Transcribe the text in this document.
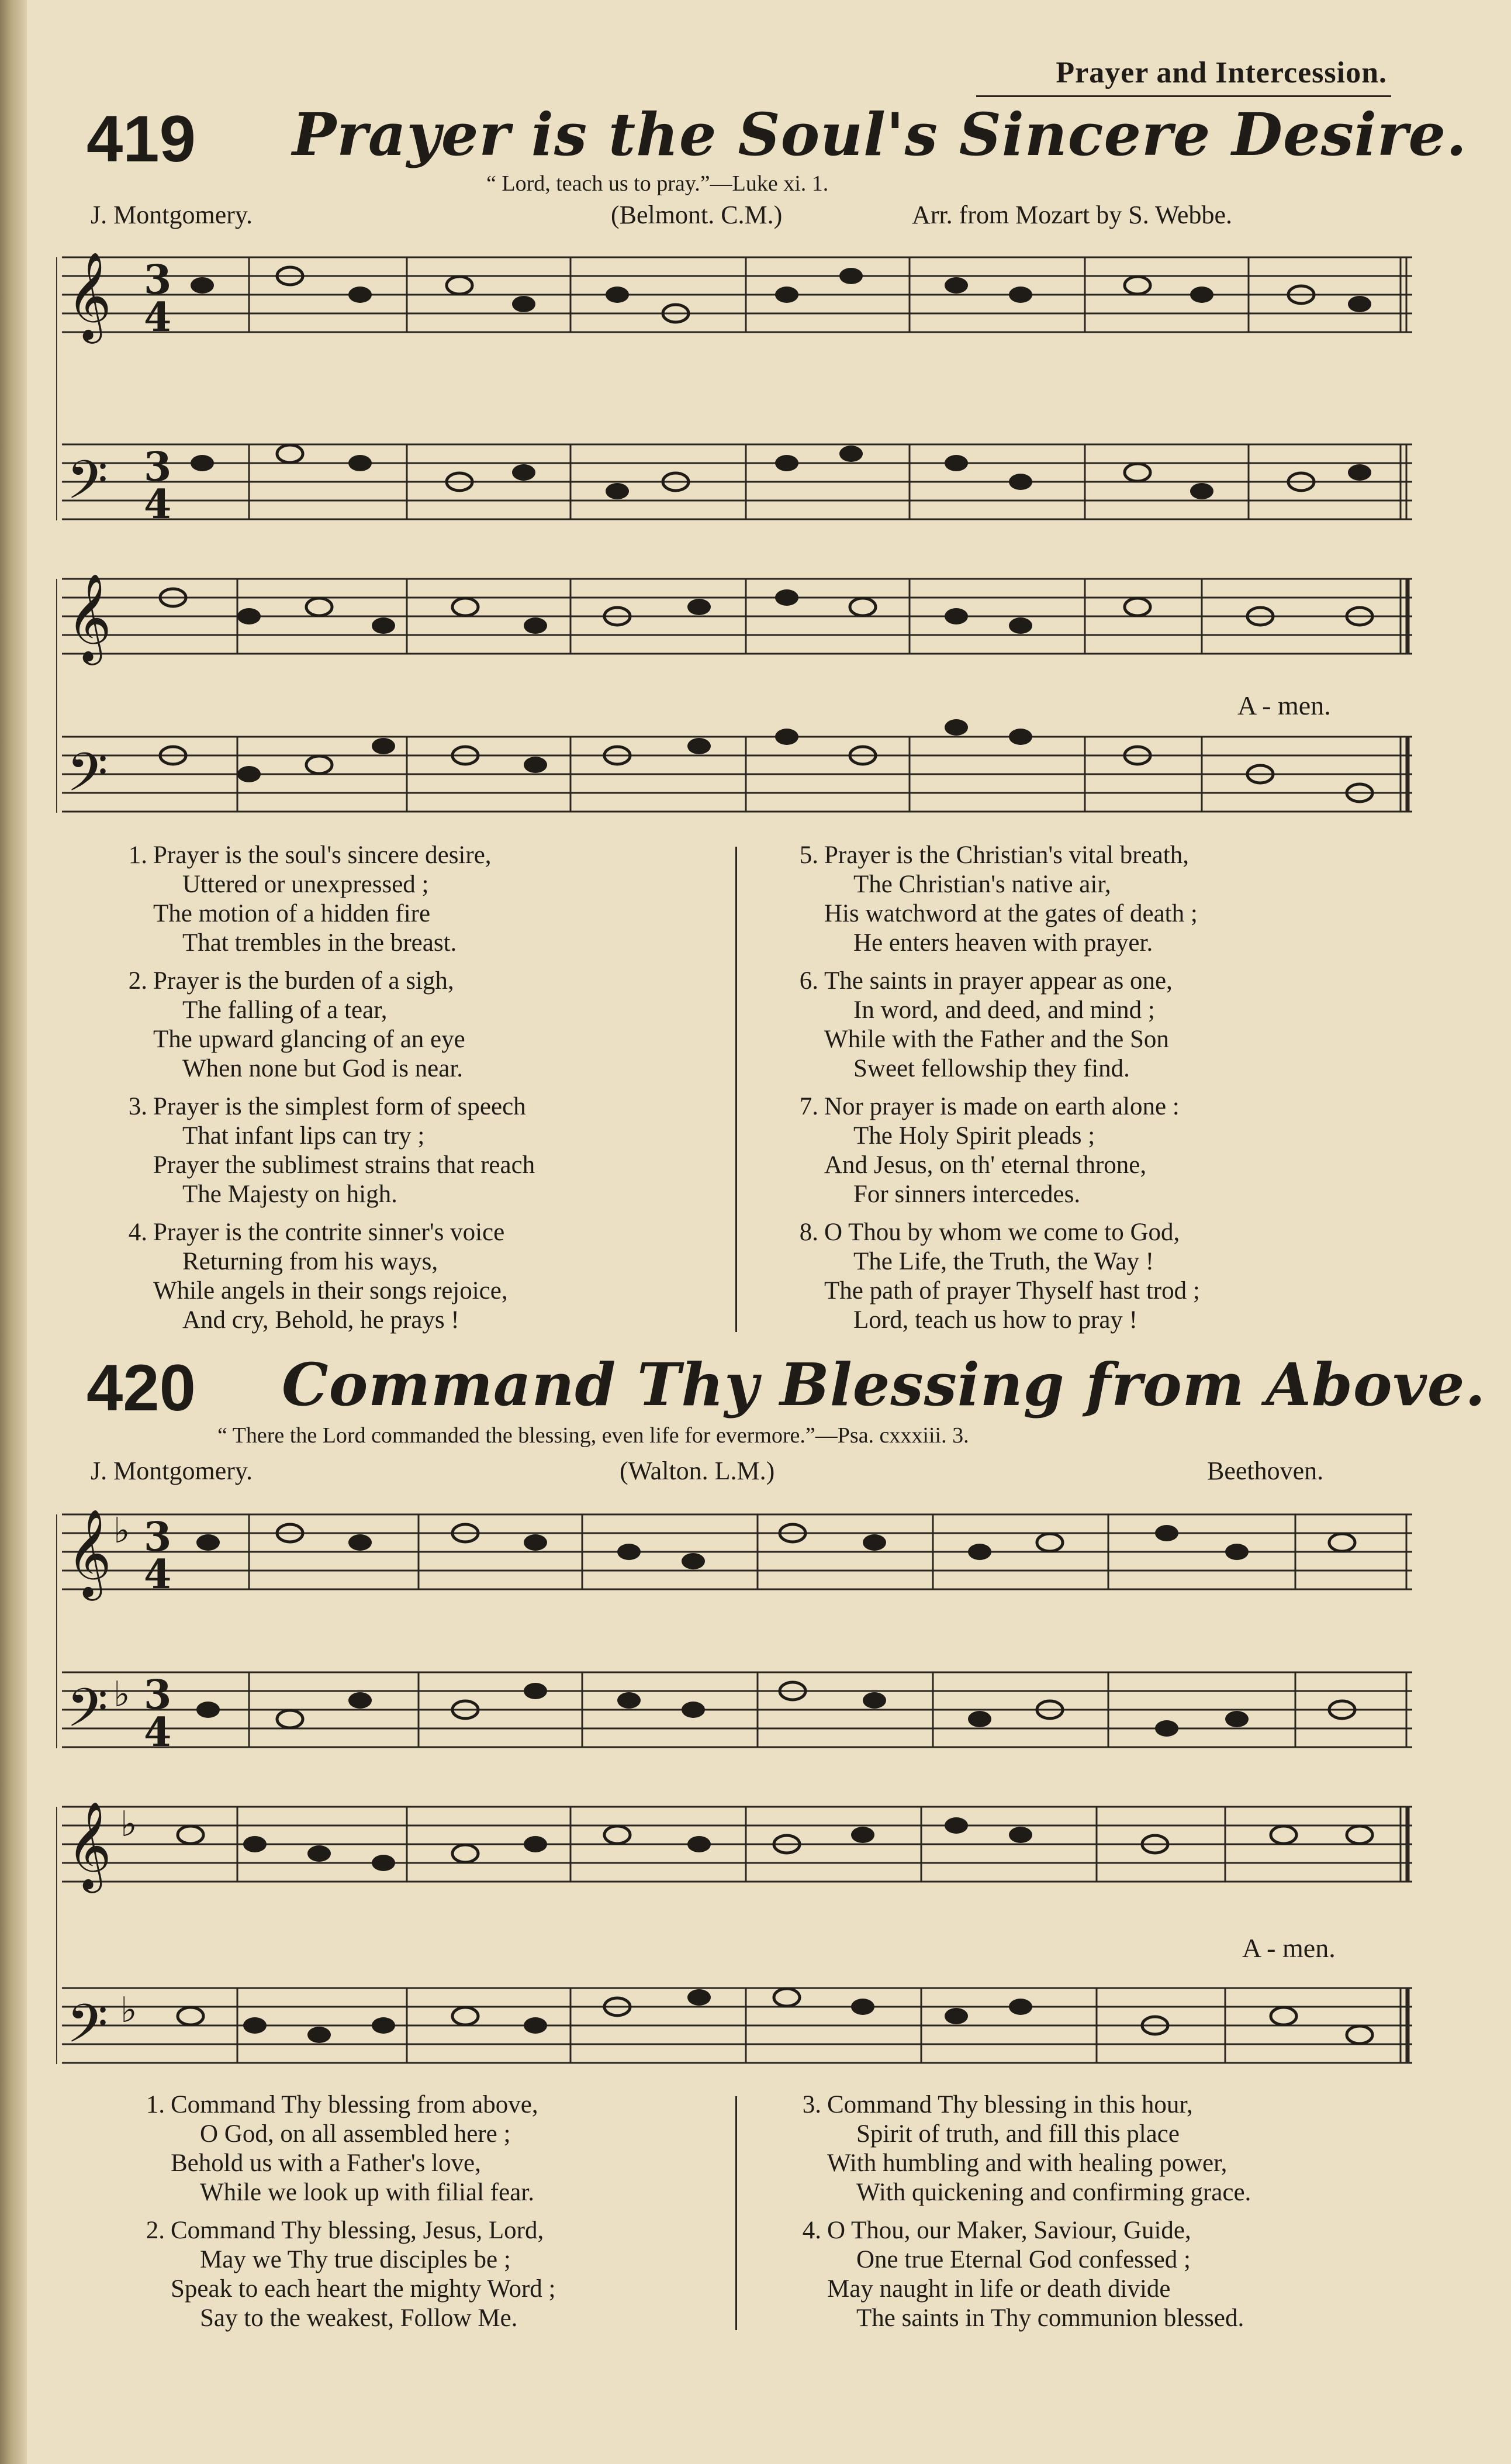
Prayer and Intercession.
419 Prayer is the Soul's Sincere Desire.
“ Lord, teach us to pray.”—Luke xi. 1.
J. Montgomery.	(Belmont. C.M.)	Arr. from Mozart by S. Webbe.
𝄞
𝄢
3
4
3
4
𝄞
𝄢
A - men.
1. Prayer is the soul's sincere desire,
Uttered or unexpressed ;
The motion of a hidden fire
That trembles in the breast.
2. Prayer is the burden of a sigh,
The falling of a tear,
The upward glancing of an eye
When none but God is near.
3. Prayer is the simplest form of speech
That infant lips can try ;
Prayer the sublimest strains that reach
The Majesty on high.
4. Prayer is the contrite sinner's voice
Returning from his ways,
While angels in their songs rejoice,
And cry, Behold, he prays !
5. Prayer is the Christian's vital breath,
The Christian's native air,
His watchword at the gates of death ;
He enters heaven with prayer.
6. The saints in prayer appear as one,
In word, and deed, and mind ;
While with the Father and the Son
Sweet fellowship they find.
7. Nor prayer is made on earth alone :
The Holy Spirit pleads ;
And Jesus, on th' eternal throne,
For sinners intercedes.
8. O Thou by whom we come to God,
The Life, the Truth, the Way !
The path of prayer Thyself hast trod ;
Lord, teach us how to pray !
420 Command Thy Blessing from Above.
“ There the Lord commanded the blessing, even life for evermore.”—Psa. cxxxiii. 3.
J. Montgomery.	(Walton. L.M.)	Beethoven.
𝄞
𝄢
♭ 3
4
♭ 3
4
𝄞
𝄢
♭
♭
A - men.
1. Command Thy blessing from above,
O God, on all assembled here ;
Behold us with a Father's love,
While we look up with filial fear.
2. Command Thy blessing, Jesus, Lord,
May we Thy true disciples be ;
Speak to each heart the mighty Word ;
Say to the weakest, Follow Me.
3. Command Thy blessing in this hour,
Spirit of truth, and fill this place
With humbling and with healing power,
With quickening and confirming grace.
4. O Thou, our Maker, Saviour, Guide,
One true Eternal God confessed ;
May naught in life or death divide
The saints in Thy communion blessed.
